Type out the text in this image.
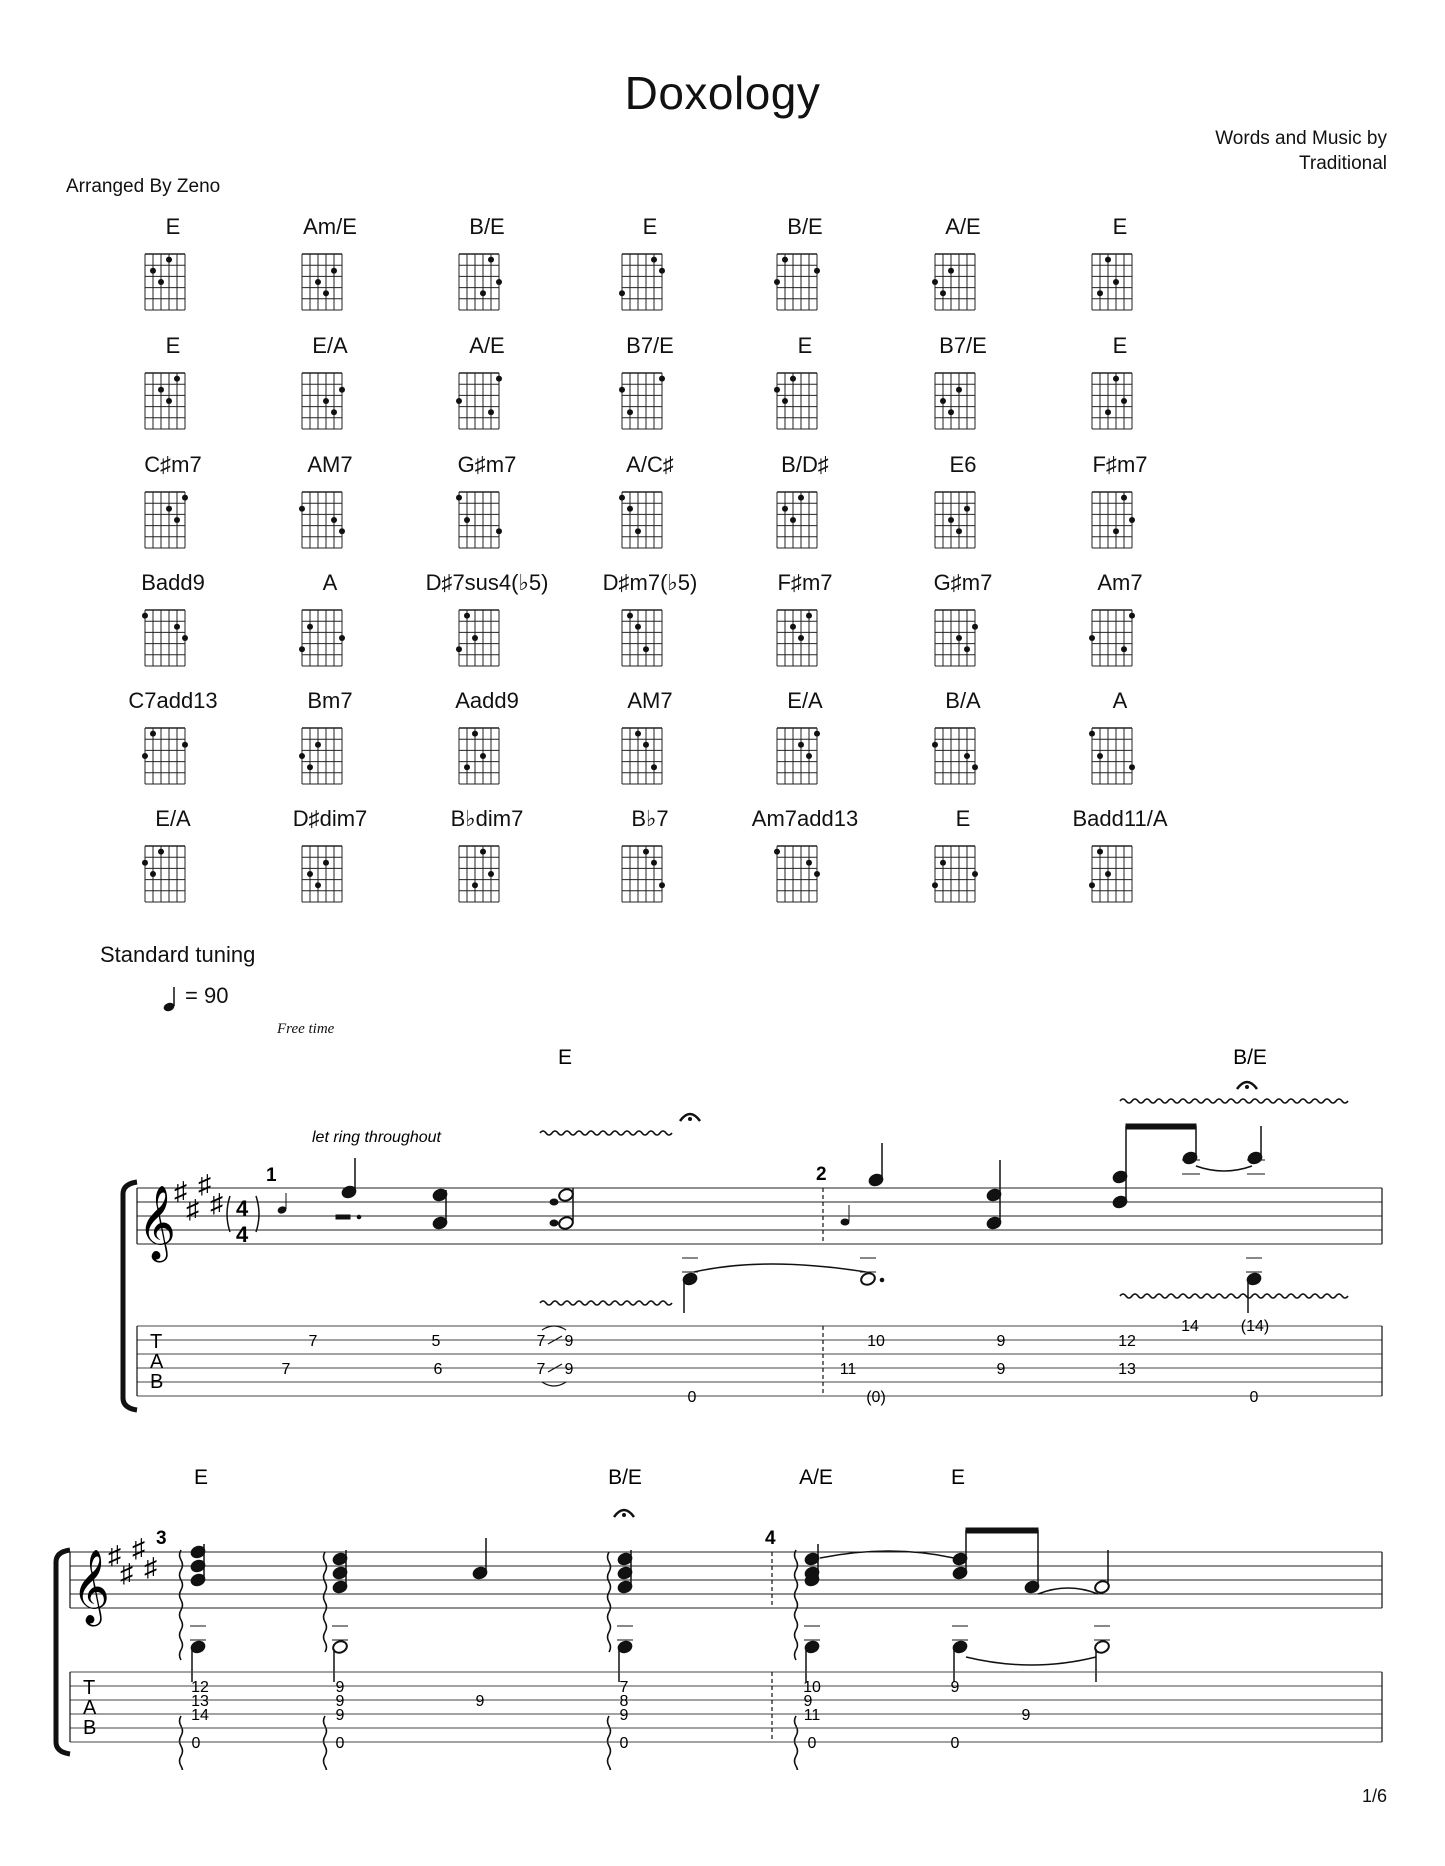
Doxology
Words and Music by
Traditional
Arranged By Zeno
E	Am/E	B/E	E	B/E	A/E	E
E	E/A	A/E	B7/E	E	B7/E	E
C♯m7	AM7	G♯m7	A/C♯	B/D♯	E6	F♯m7
Badd9	A	D♯7sus4(♭5)	D♯m7(♭5)	F♯m7	G♯m7	Am7
C7add13	Bm7	Aadd9	AM7	E/A	B/A	A
E/A	D♯dim7	B♭dim7	B♭7	Am7add13	E	Badd11/A
Standard tuning
= 90
Free time
E	B/E
let ring throughout
𝄞
♯
♯
♯
♯ 4
4
1	2
T
A
B
7
7
5
6
7 9
7 9
0
10
11
(0)
9
9
12
13
14	(14)
0
E	B/E	A/E	E
𝄞
♯
♯
♯
♯
3	4
T
A
B
12
13
14
0
9
9
9
0
9
7
8
9
0
10
9
11
0
9
0
9
1/6
